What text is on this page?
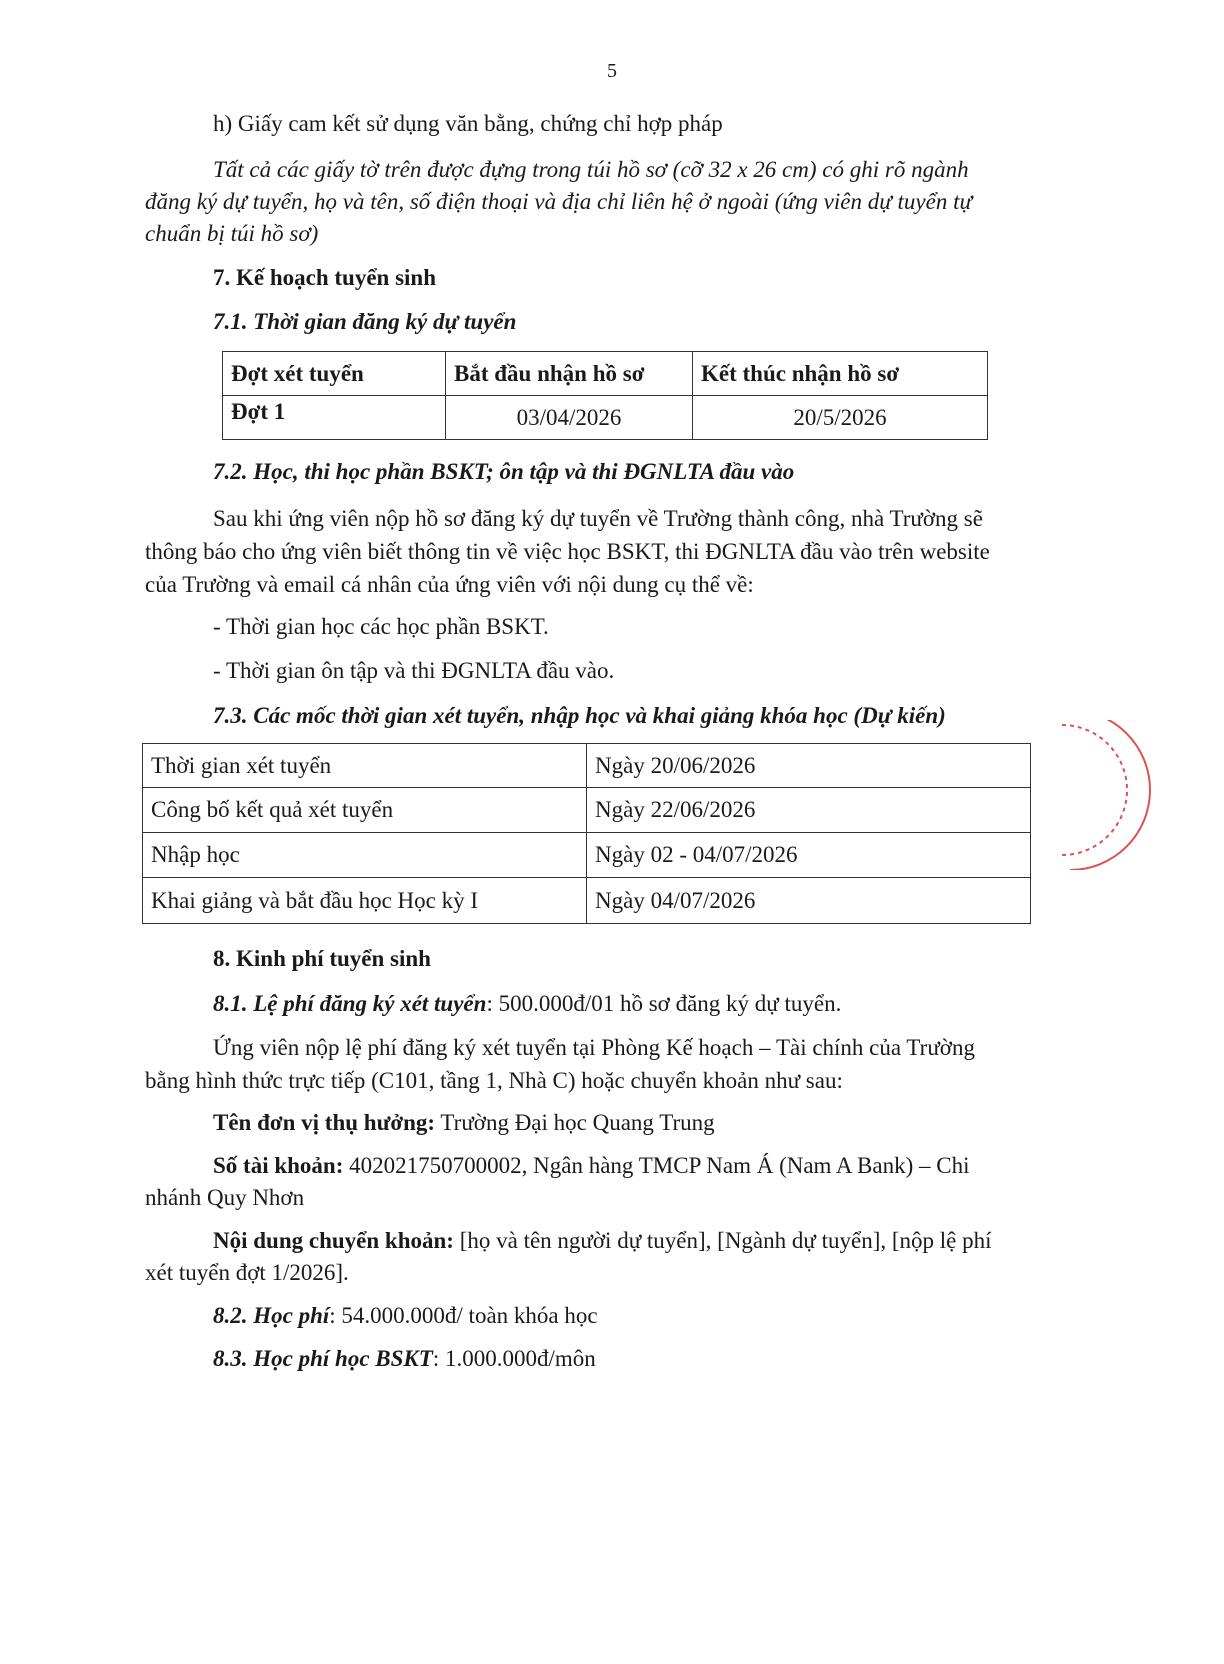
5
h) Giấy cam kết sử dụng văn bằng, chứng chỉ hợp pháp
Tất cả các giấy tờ trên được đựng trong túi hồ sơ (cỡ 32 x 26 cm) có ghi rõ ngành
đăng ký dự tuyển, họ và tên, số điện thoại và địa chỉ liên hệ ở ngoài (ứng viên dự tuyển tự
chuẩn bị túi hồ sơ)
7. Kế hoạch tuyển sinh
7.1. Thời gian đăng ký dự tuyển
Đợt xét tuyển	Bắt đầu nhận hồ sơ	Kết thúc nhận hồ sơ
Đợt 1	03/04/2026	20/5/2026
7.2. Học, thi học phần BSKT; ôn tập và thi ĐGNLTA đầu vào
Sau khi ứng viên nộp hồ sơ đăng ký dự tuyển về Trường thành công, nhà Trường sẽ
thông báo cho ứng viên biết thông tin về việc học BSKT, thi ĐGNLTA đầu vào trên website
của Trường và email cá nhân của ứng viên với nội dung cụ thể về:
- Thời gian học các học phần BSKT.
- Thời gian ôn tập và thi ĐGNLTA đầu vào.
7.3. Các mốc thời gian xét tuyển, nhập học và khai giảng khóa học (Dự kiến)
Thời gian xét tuyển	Ngày 20/06/2026
Công bố kết quả xét tuyển	Ngày 22/06/2026
Nhập học	Ngày 02 - 04/07/2026
Khai giảng và bắt đầu học Học kỳ I	Ngày 04/07/2026
8. Kinh phí tuyển sinh
8.1. Lệ phí đăng ký xét tuyển: 500.000đ/01 hồ sơ đăng ký dự tuyển.
Ứng viên nộp lệ phí đăng ký xét tuyển tại Phòng Kế hoạch – Tài chính của Trường
bằng hình thức trực tiếp (C101, tầng 1, Nhà C) hoặc chuyển khoản như sau:
Tên đơn vị thụ hưởng: Trường Đại học Quang Trung
Số tài khoản: 402021750700002, Ngân hàng TMCP Nam Á (Nam A Bank) – Chi
nhánh Quy Nhơn
Nội dung chuyển khoản: [họ và tên người dự tuyển], [Ngành dự tuyển], [nộp lệ phí
xét tuyển đợt 1/2026].
8.2. Học phí: 54.000.000đ/ toàn khóa học
8.3. Học phí học BSKT: 1.000.000đ/môn
